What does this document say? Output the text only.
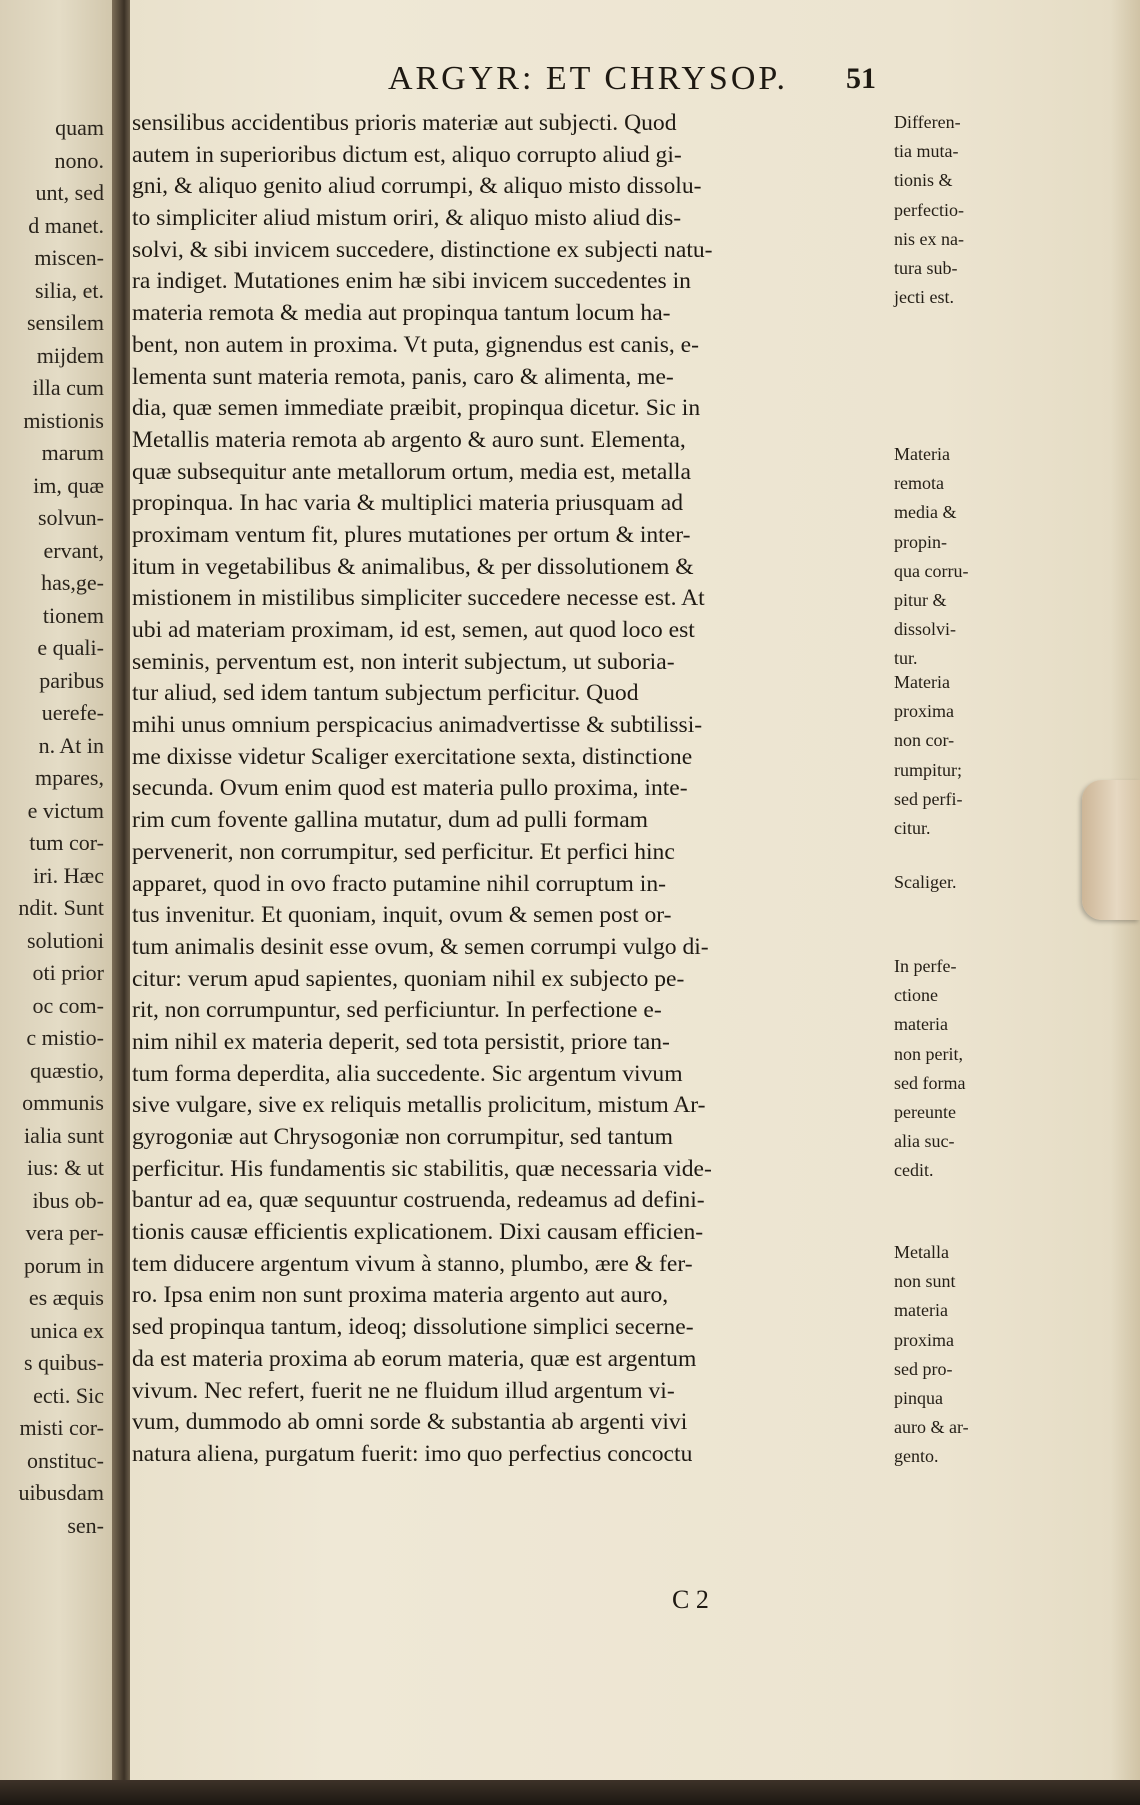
quam
nono.
unt, sed
d manet.
miscen-
silia, et.
sensilem
mijdem
illa cum
mistionis
marum
im, quæ
solvun-
ervant,
has,ge-
tionem
e quali-
paribus
uerefe-
n. At in
mpares,
e victum
tum cor-
iri. Hæc
ndit. Sunt
solutioni
oti prior
oc com-
c mistio-
quæstio,
ommunis
ialia sunt
ius: & ut
ibus ob-
vera per-
porum in
es æquis
unica ex
s quibus-
ecti. Sic
misti cor-
onstituc-
uibusdam
sen-
ARGYR: ET CHRYSOP.	51
sensilibus accidentibus prioris materiæ aut subjecti. Quod
autem in superioribus dictum est, aliquo corrupto aliud gi-
gni, & aliquo genito aliud corrumpi, & aliquo misto dissolu-
to simpliciter aliud mistum oriri, & aliquo misto aliud dis-
solvi, & sibi invicem succedere, distinctione ex subjecti natu-
ra indiget. Mutationes enim hæ sibi invicem succedentes in
materia remota & media aut propinqua tantum locum ha-
bent, non autem in proxima. Vt puta, gignendus est canis, e-
lementa sunt materia remota, panis, caro & alimenta, me-
dia, quæ semen immediate præibit, propinqua dicetur. Sic in
Metallis materia remota ab argento & auro sunt. Elementa,
quæ subsequitur ante metallorum ortum, media est, metalla
propinqua. In hac varia & multiplici materia priusquam ad
proximam ventum fit, plures mutationes per ortum & inter-
itum in vegetabilibus & animalibus, & per dissolutionem &
mistionem in mistilibus simpliciter succedere necesse est. At
ubi ad materiam proximam, id est, semen, aut quod loco est
seminis, perventum est, non interit subjectum, ut suboria-
tur aliud, sed idem tantum subjectum perficitur. Quod
mihi unus omnium perspicacius animadvertisse & subtilissi-
me dixisse videtur Scaliger exercitatione sexta, distinctione
secunda. Ovum enim quod est materia pullo proxima, inte-
rim cum fovente gallina mutatur, dum ad pulli formam
pervenerit, non corrumpitur, sed perficitur. Et perfici hinc
apparet, quod in ovo fracto putamine nihil corruptum in-
tus invenitur. Et quoniam, inquit, ovum & semen post or-
tum animalis desinit esse ovum, & semen corrumpi vulgo di-
citur: verum apud sapientes, quoniam nihil ex subjecto pe-
rit, non corrumpuntur, sed perficiuntur. In perfectione e-
nim nihil ex materia deperit, sed tota persistit, priore tan-
tum forma deperdita, alia succedente. Sic argentum vivum
sive vulgare, sive ex reliquis metallis prolicitum, mistum Ar-
gyrogoniæ aut Chrysogoniæ non corrumpitur, sed tantum
perficitur. His fundamentis sic stabilitis, quæ necessaria vide-
bantur ad ea, quæ sequuntur costruenda, redeamus ad defini-
tionis causæ efficientis explicationem. Dixi causam efficien-
tem diducere argentum vivum à stanno, plumbo, ære & fer-
ro. Ipsa enim non sunt proxima materia argento aut auro,
sed propinqua tantum, ideoq; dissolutione simplici secerne-
da est materia proxima ab eorum materia, quæ est argentum
vivum. Nec refert, fuerit ne ne fluidum illud argentum vi-
vum, dummodo ab omni sorde & substantia ab argenti vivi
natura aliena, purgatum fuerit: imo quo perfectius concoctu
Differen-
tia muta-
tionis &
perfectio-
nis ex na-
tura sub-
jecti est.
Materia
remota
media &
propin-
qua corru-
pitur &
dissolvi-
tur.
Materia
proxima
non cor-
rumpitur;
sed perfi-
citur.
Scaliger.
In perfe-
ctione
materia
non perit,
sed forma
pereunte
alia suc-
cedit.
Metalla
non sunt
materia
proxima
sed pro-
pinqua
auro & ar-
gento.
C 2
